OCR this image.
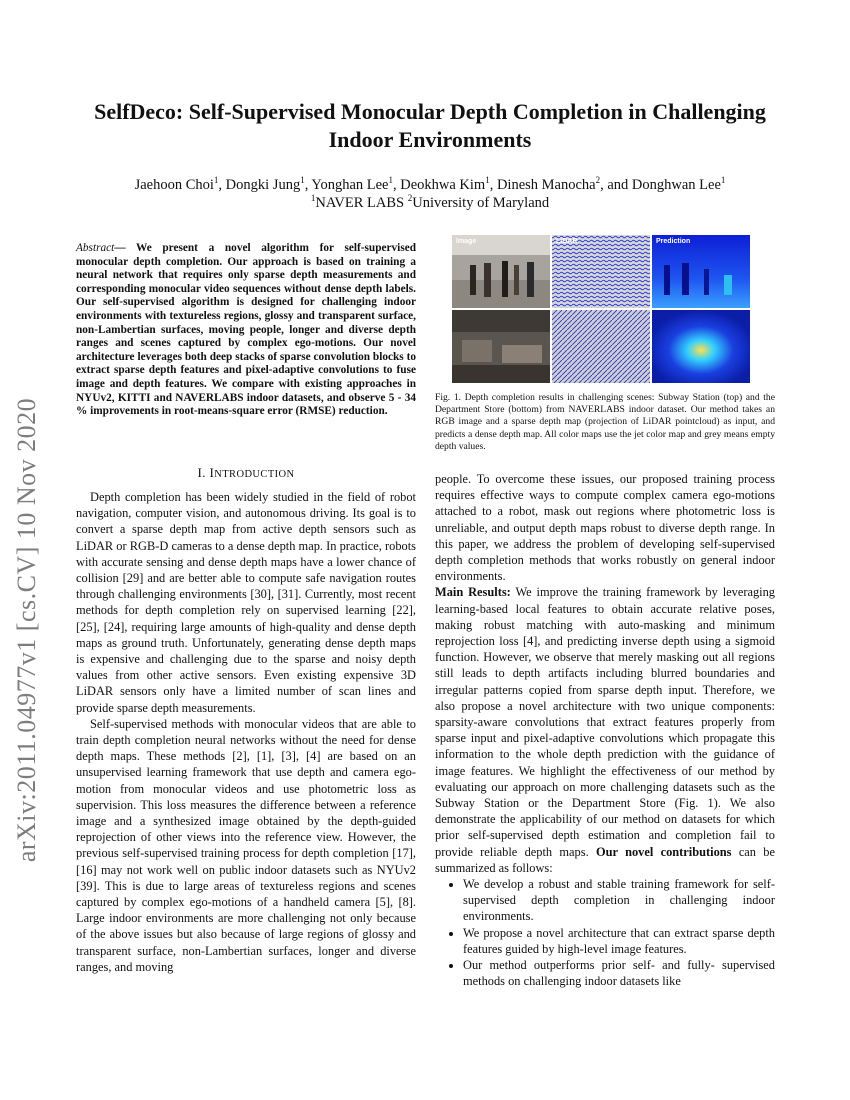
arXiv:2011.04977v1 [cs.CV] 10 Nov 2020
SelfDeco: Self-Supervised Monocular Depth Completion in Challenging Indoor Environments
Jaehoon Choi$^1$, Dongki Jung$^1$, Yonghan Lee$^1$, Deokhwa Kim$^1$, Dinesh Manocha$^2$, and Donghwan Lee$^1$
$^1$NAVER LABS $^2$University of Maryland
Abstract— We present a novel algorithm for self-supervised monocular depth completion. Our approach is based on training a neural network that requires only sparse depth measurements and corresponding monocular video sequences without dense depth labels. Our self-supervised algorithm is designed for challenging indoor environments with textureless regions, glossy and transparent surface, non-Lambertian surfaces, moving people, longer and diverse depth ranges and scenes captured by complex ego-motions. Our novel architecture leverages both deep stacks of sparse convolution blocks to extract sparse depth features and pixel-adaptive convolutions to fuse image and depth features. We compare with existing approaches in NYUv2, KITTI and NAVERLABS indoor datasets, and observe 5 - 34 % improvements in root-means-square error (RMSE) reduction.
I. INTRODUCTION

Depth completion has been widely studied in the field of robot navigation, computer vision, and autonomous driving. Its goal is to convert a sparse depth map from active depth sensors such as LiDAR or RGB-D cameras to a dense depth map. In practice, robots with accurate sensing and dense depth maps have a lower chance of collision [29] and are better able to compute safe navigation routes through challenging environments [30], [31]. Currently, most recent methods for depth completion rely on supervised learning [22], [25], [24], requiring large amounts of high-quality and dense depth maps as ground truth. Unfortunately, generating dense depth maps is expensive and challenging due to the sparse and noisy depth values from other active sensors. Even existing expensive 3D LiDAR sensors only have a limited number of scan lines and provide sparse depth measurements.

Self-supervised methods with monocular videos that are able to train depth completion neural networks without the need for dense depth maps. These methods [2], [1], [3], [4] are based on an unsupervised learning framework that use depth and camera ego-motion from monocular videos and use photometric loss as supervision. This loss measures the difference between a reference image and a synthesized image obtained by the depth-guided reprojection of other views into the reference view. However, the previous self-supervised training process for depth completion [17], [16] may not work well on public indoor datasets such as NYUv2 [39]. This is due to large areas of textureless regions and scenes captured by complex ego-motions of a handheld camera [5], [8]. Large indoor environments are more challenging not only because of the above issues but also because of large regions of glossy and transparent surface, non-Lambertian surfaces, longer and diverse ranges, and moving

Image	LiDAR	Prediction
Fig. 1. Depth completion results in challenging scenes: Subway Station (top) and the Department Store (bottom) from NAVERLABS indoor dataset. Our method takes an RGB image and a sparse depth map (projection of LiDAR pointcloud) as input, and predicts a dense depth map. All color maps use the jet color map and grey means empty depth values.

people. To overcome these issues, our proposed training process requires effective ways to compute complex camera ego-motions attached to a robot, mask out regions where photometric loss is unreliable, and output depth maps robust to diverse depth range. In this paper, we address the problem of developing self-supervised depth completion methods that works robustly on general indoor environments.

Main Results: We improve the training framework by leveraging learning-based local features to obtain accurate relative poses, making robust matching with auto-masking and minimum reprojection loss [4], and predicting inverse depth using a sigmoid function. However, we observe that merely masking out all regions still leads to depth artifacts including blurred boundaries and irregular patterns copied from sparse depth input. Therefore, we also propose a novel architecture with two unique components: sparsity-aware convolutions that extract features properly from sparse input and pixel-adaptive convolutions which propagate this information to the whole depth prediction with the guidance of image features. We highlight the effectiveness of our method by evaluating our approach on more challenging datasets such as the Subway Station or the Department Store (Fig. 1). We also demonstrate the applicability of our method on datasets for which prior self-supervised depth estimation and completion fail to provide reliable depth maps. Our novel contributions can be summarized as follows:

• We develop a robust and stable training framework for self-supervised depth completion in challenging indoor environments.
• We propose a novel architecture that can extract sparse depth features guided by high-level image features.
• Our method outperforms prior self- and fully- supervised methods on challenging indoor datasets like
